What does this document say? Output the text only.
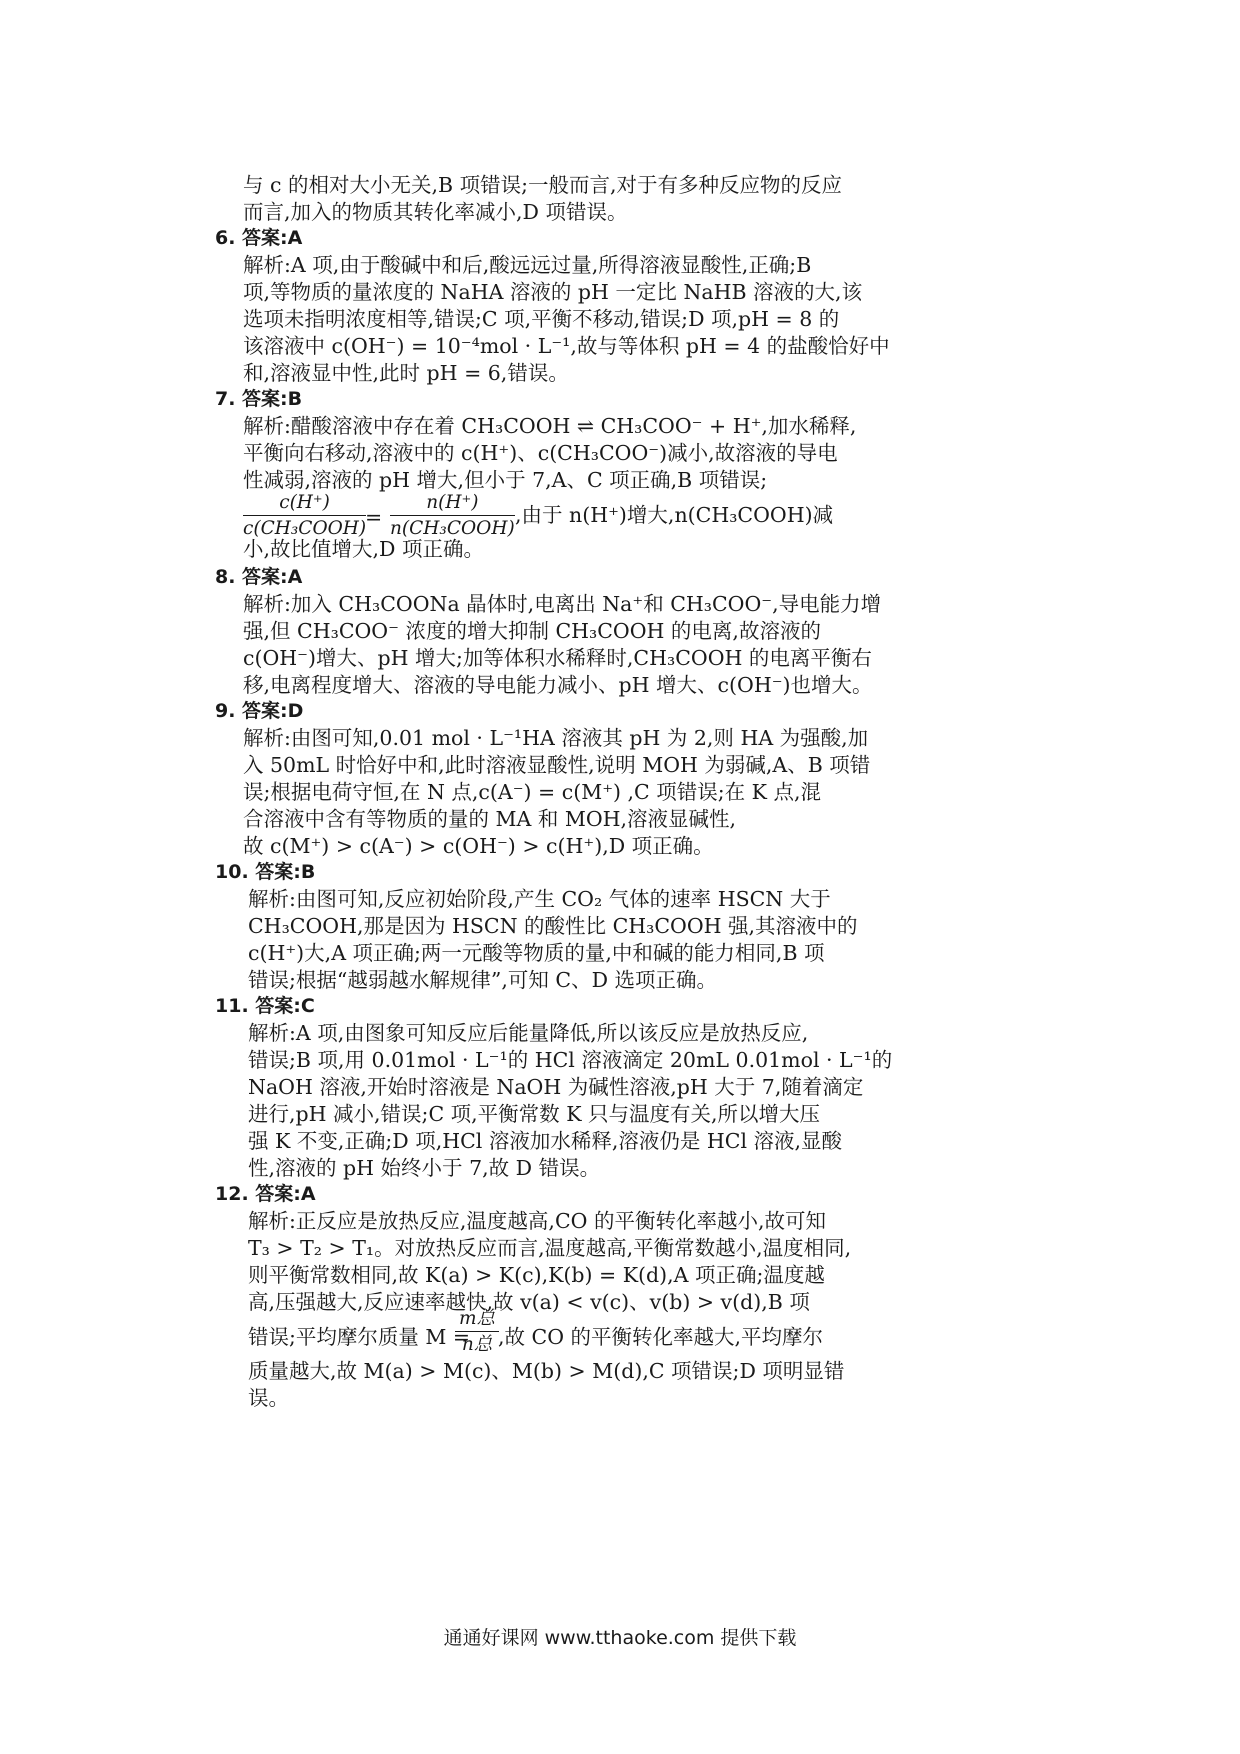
与 c 的相对大小无关,B 项错误;一般而言,对于有多种反应物的反应
而言,加入的物质其转化率减小,D 项错误。
6. 答案:A
解析:A 项,由于酸碱中和后,酸远远过量,所得溶液显酸性,正确;B
项,等物质的量浓度的 NaHA 溶液的 pH 一定比 NaHB 溶液的大,该
选项未指明浓度相等,错误;C 项,平衡不移动,错误;D 项,pH = 8 的
该溶液中 c(OH⁻) = 10⁻⁴mol · L⁻¹,故与等体积 pH = 4 的盐酸恰好中
和,溶液显中性,此时 pH = 6,错误。
7. 答案:B
解析:醋酸溶液中存在着 CH₃COOH ⇌ CH₃COO⁻ + H⁺,加水稀释,
平衡向右移动,溶液中的 c(H⁺)、c(CH₃COO⁻)减小,故溶液的导电
性减弱,溶液的 pH 增大,但小于 7,A、C 项正确,B 项错误;
c(H⁺)
c(CH₃COOH)
=
n(H⁺)
n(CH₃COOH)
,由于 n(H⁺)增大,n(CH₃COOH)减
小,故比值增大,D 项正确。
8. 答案:A
解析:加入 CH₃COONa 晶体时,电离出 Na⁺和 CH₃COO⁻,导电能力增
强,但 CH₃COO⁻ 浓度的增大抑制 CH₃COOH 的电离,故溶液的
c(OH⁻)增大、pH 增大;加等体积水稀释时,CH₃COOH 的电离平衡右
移,电离程度增大、溶液的导电能力减小、pH 增大、c(OH⁻)也增大。
9. 答案:D
解析:由图可知,0.01 mol · L⁻¹HA 溶液其 pH 为 2,则 HA 为强酸,加
入 50mL 时恰好中和,此时溶液显酸性,说明 MOH 为弱碱,A、B 项错
误;根据电荷守恒,在 N 点,c(A⁻) = c(M⁺) ,C 项错误;在 K 点,混
合溶液中含有等物质的量的 MA 和 MOH,溶液显碱性,
故 c(M⁺) > c(A⁻) > c(OH⁻) > c(H⁺),D 项正确。
10. 答案:B
解析:由图可知,反应初始阶段,产生 CO₂ 气体的速率 HSCN 大于
CH₃COOH,那是因为 HSCN 的酸性比 CH₃COOH 强,其溶液中的
c(H⁺)大,A 项正确;两一元酸等物质的量,中和碱的能力相同,B 项
错误;根据“越弱越水解规律”,可知 C、D 选项正确。
11. 答案:C
解析:A 项,由图象可知反应后能量降低,所以该反应是放热反应,
错误;B 项,用 0.01mol · L⁻¹的 HCl 溶液滴定 20mL 0.01mol · L⁻¹的
NaOH 溶液,开始时溶液是 NaOH 为碱性溶液,pH 大于 7,随着滴定
进行,pH 减小,错误;C 项,平衡常数 K 只与温度有关,所以增大压
强 K 不变,正确;D 项,HCl 溶液加水稀释,溶液仍是 HCl 溶液,显酸
性,溶液的 pH 始终小于 7,故 D 错误。
12. 答案:A
解析:正反应是放热反应,温度越高,CO 的平衡转化率越小,故可知
T₃ > T₂ > T₁。对放热反应而言,温度越高,平衡常数越小,温度相同,
则平衡常数相同,故 K(a) > K(c),K(b) = K(d),A 项正确;温度越
高,压强越大,反应速率越快,故 v(a) < v(c)、v(b) > v(d),B 项
错误;平均摩尔质量 M =
m总
n总 ,故 CO 的平衡转化率越大,平均摩尔
质量越大,故 M(a) > M(c)、M(b) > M(d),C 项错误;D 项明显错
误。
通通好课网 www.tthaoke.com 提供下载
